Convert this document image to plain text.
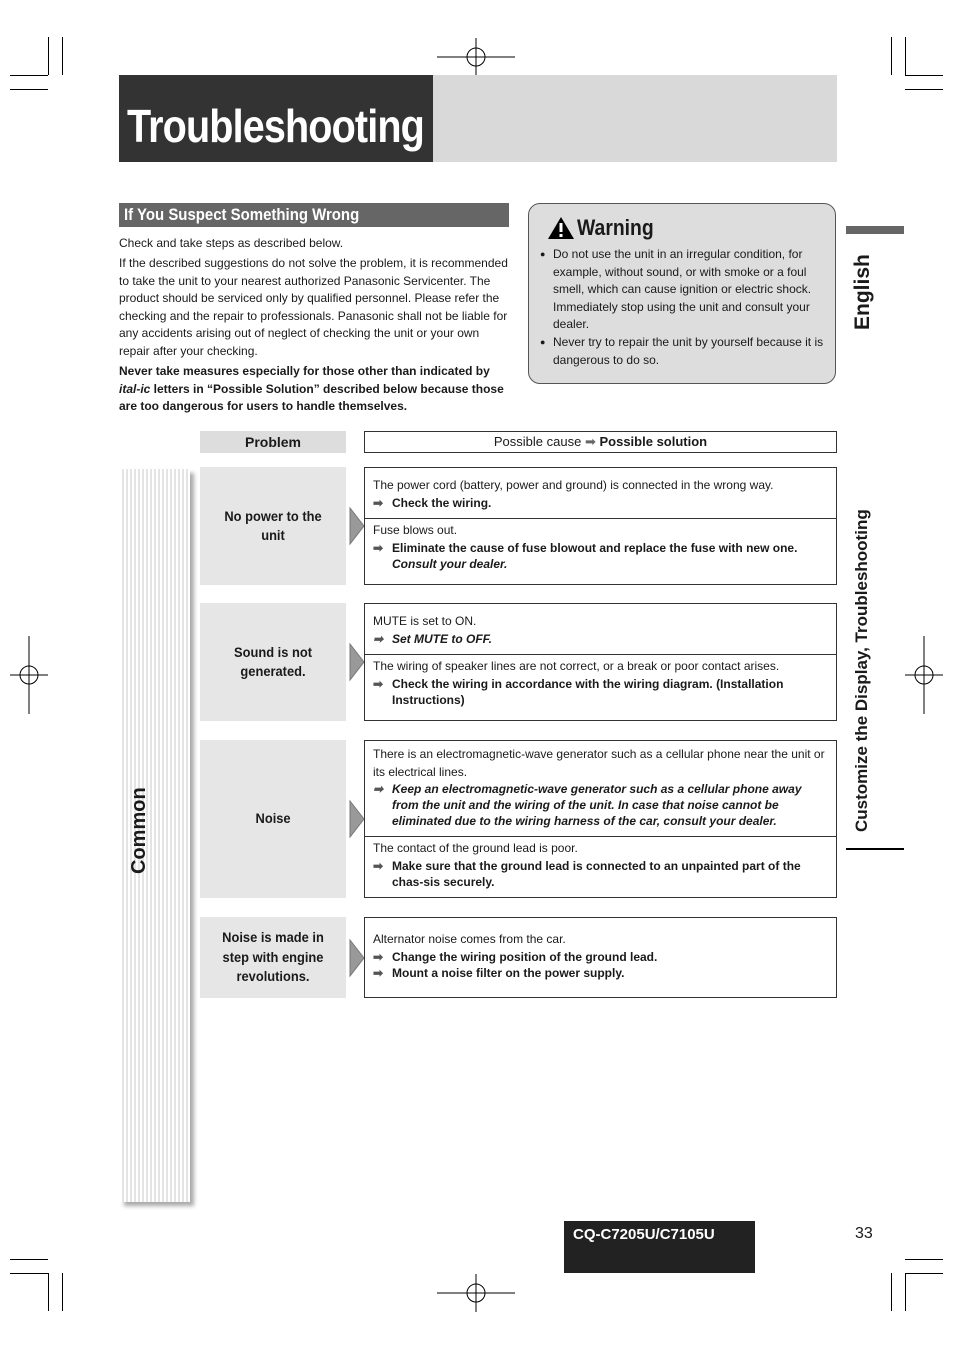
Troubleshooting
If You Suspect Something Wrong
Check and take steps as described below.
If the described suggestions do not solve the problem, it is recommended to take the unit to your nearest authorized Panasonic Servicenter. The product should be serviced only by qualified personnel. Please refer the checking and the repair to professionals. Panasonic shall not be liable for any accidents arising out of neglect of checking the unit or your own repair after your checking.
Never take measures especially for those other than indicated by ital-ic letters in “Possible Solution” described below because those are too dangerous for users to handle themselves.
Warning
● Do not use the unit in an irregular condition, for example, without sound, or with smoke or a foul smell, which can cause ignition or electric shock. Immediately stop using the unit and consult your dealer.
● Never try to repair the unit by yourself because it is dangerous to do so.
English
Customize the Display, Troubleshooting
Problem	Possible cause ➡ Possible solution
Common
No power to the unit
The power cord (battery, power and ground) is connected in the wrong way.
➡ Check the wiring.
Fuse blows out.
➡ Eliminate the cause of fuse blowout and replace the fuse with new one.
Consult your dealer.
Sound is not generated.
MUTE is set to ON.
➡ Set MUTE to OFF.
The wiring of speaker lines are not correct, or a break or poor contact arises.
➡ Check the wiring in accordance with the wiring diagram. (Installation Instructions)
Noise
There is an electromagnetic-wave generator such as a cellular phone near the unit or its electrical lines.
➡ Keep an electromagnetic-wave generator such as a cellular phone away from the unit and the wiring of the unit. In case that noise cannot be eliminated due to the wiring harness of the car, consult your dealer.
The contact of the ground lead is poor.
➡ Make sure that the ground lead is connected to an unpainted part of the chas-sis securely.
Noise is made in step with engine revolutions.
Alternator noise comes from the car.
➡ Change the wiring position of the ground lead.
➡ Mount a noise filter on the power supply.
CQ-C7205U/C7105U	33
